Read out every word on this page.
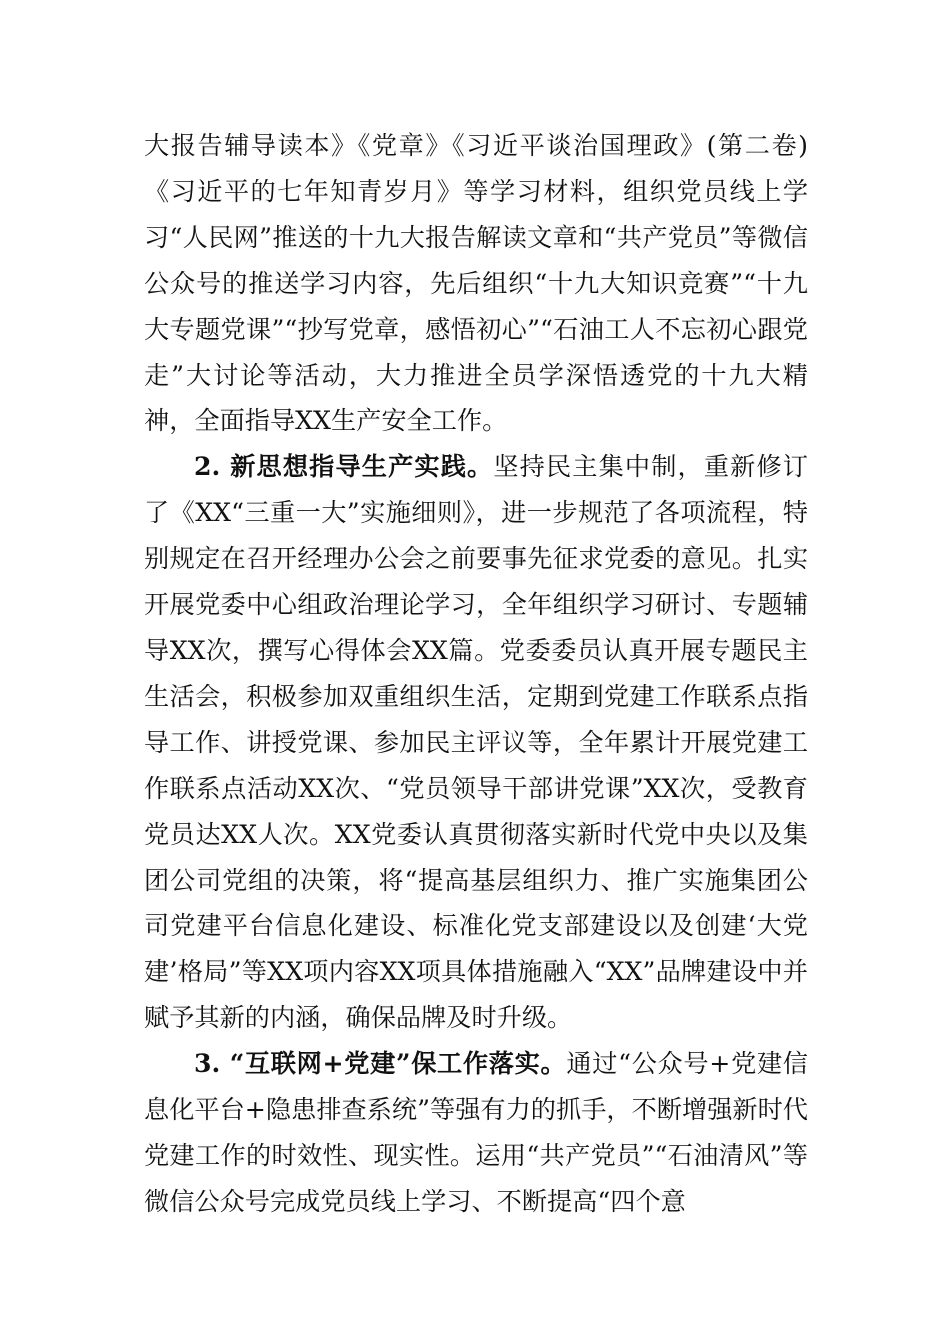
大报告辅导读本》《党章》《习近平谈治国理政》(第二卷)《习近平的七年知青岁月》等学习材料，组织党员线上学习“人民网”推送的十九大报告解读文章和“共产党员”等微信公众号的推送学习内容，先后组织“十九大知识竞赛”“十九大专题党课”“抄写党章，感悟初心”“石油工人不忘初心跟党走”大讨论等活动，大力推进全员学深悟透党的十九大精神，全面指导XX生产安全工作。

2. 新思想指导生产实践。坚持民主集中制，重新修订了《XX“三重一大”实施细则》，进一步规范了各项流程，特别规定在召开经理办公会之前要事先征求党委的意见。扎实开展党委中心组政治理论学习，全年组织学习研讨、专题辅导XX次，撰写心得体会XX篇。党委委员认真开展专题民主生活会，积极参加双重组织生活，定期到党建工作联系点指导工作、讲授党课、参加民主评议等，全年累计开展党建工作联系点活动XX次、“党员领导干部讲党课”XX次，受教育党员达XX人次。XX党委认真贯彻落实新时代党中央以及集团公司党组的决策，将“提高基层组织力、推广实施集团公司党建平台信息化建设、标准化党支部建设以及创建‘大党建’格局”等XX项内容XX项具体措施融入“XX”品牌建设中并赋予其新的内涵，确保品牌及时升级。

3. “互联网+党建”保工作落实。通过“公众号+党建信息化平台+隐患排查系统”等强有力的抓手，不断增强新时代党建工作的时效性、现实性。运用“共产党员”“石油清风”等微信公众号完成党员线上学习、不断提高“四个意
